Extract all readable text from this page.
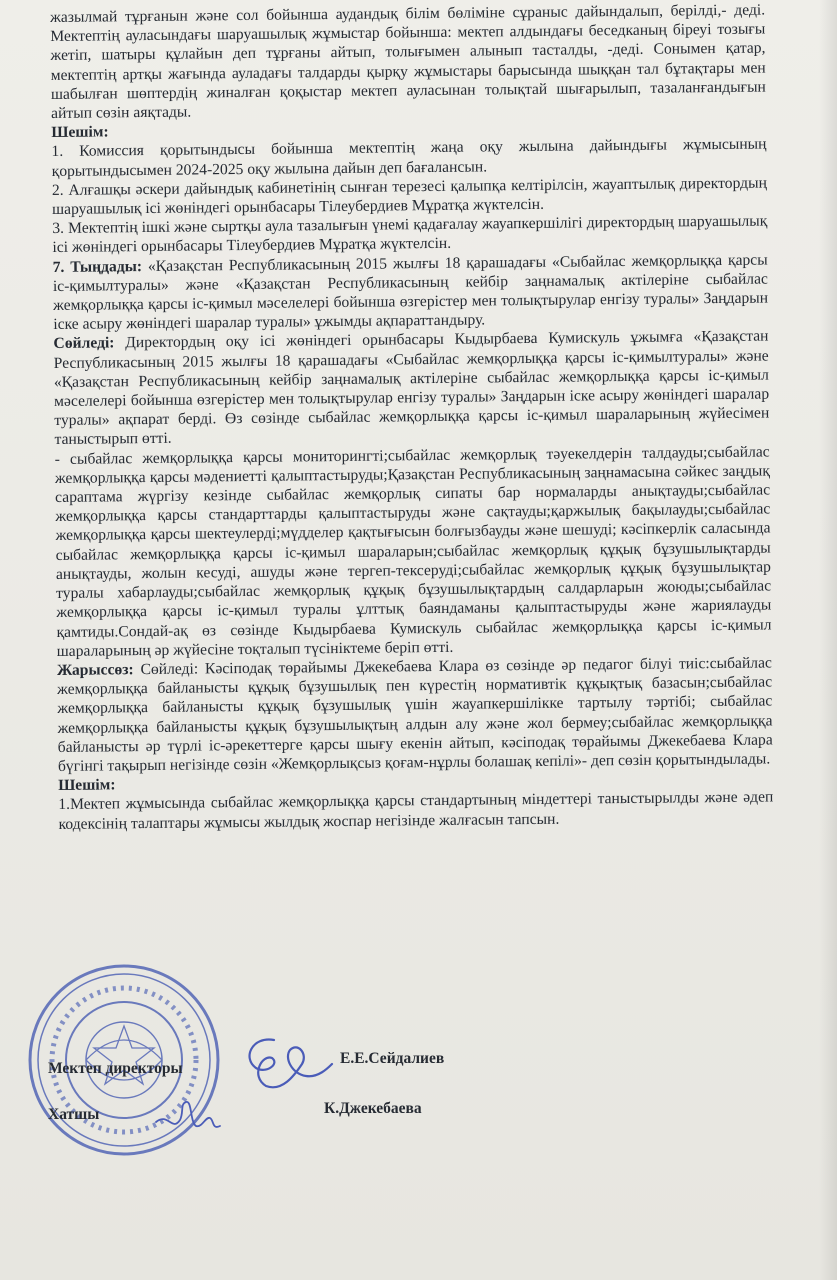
жазылмай тұрғанын және сол бойынша аудандық білім бөліміне сұраныс дайындалып, берілді,- деді. Мектептің ауласындағы шаруашылық жұмыстар бойынша: мектеп алдындағы беседканың біреуі тозығы жетіп, шатыры құлайын деп тұрғаны айтып, толығымен алынып тасталды, -деді. Сонымен қатар, мектептің артқы жағында ауладағы талдарды қырқу жұмыстары барысында шыққан тал бұтақтары мен шабылған шөптердің жиналған қоқыстар мектеп ауласынан толықтай шығарылып, тазаланғандығын айтып сөзін аяқтады.

Шешім:

1. Комиссия қорытындысы бойынша мектептің жаңа оқу жылына дайындығы жұмысының қорытындысымен 2024-2025 оқу жылына дайын деп бағалансын.

2. Алғашқы әскери дайындық кабинетінің сынған терезесі қалыпқа келтірілсін, жауаптылық директордың шаруашылық ісі жөніндегі орынбасары Тілеубердиев Мұратқа жүктелсін.

3. Мектептің ішкі және сыртқы аула тазалығын үнемі қадағалау жауапкершілігі директордың шаруашылық ісі жөніндегі орынбасары Тілеубердиев Мұратқа жүктелсін.

7. Тыңдады: «Қазақстан Республикасының 2015 жылғы 18 қарашадағы «Сыбайлас жемқорлыққа қарсы іс-қимылтуралы» және «Қазақстан Республикасының кейбір заңнамалық актілеріне сыбайлас жемқорлыққа қарсы іс-қимыл мәселелері бойынша өзгерістер мен толықтырулар енгізу туралы» Заңдарын іске асыру жөніндегі шаралар туралы» ұжымды ақпараттандыру.

Сөйледі: Директордың оқу ісі жөніндегі орынбасары Кыдырбаева Кумискуль ұжымға «Қазақстан Республикасының 2015 жылғы 18 қарашадағы «Сыбайлас жемқорлыққа қарсы іс-қимылтуралы» және «Қазақстан Республикасының кейбір заңнамалық актілеріне сыбайлас жемқорлыққа қарсы іс-қимыл мәселелері бойынша өзгерістер мен толықтырулар енгізу туралы» Заңдарын іске асыру жөніндегі шаралар туралы» ақпарат берді. Өз сөзінде сыбайлас жемқорлыққа қарсы іс-қимыл шараларының жүйесімен таныстырып өтті.

- сыбайлас жемқорлыққа қарсы мониторингті;сыбайлас жемқорлық тәуекелдерін талдауды;сыбайлас жемқорлыққа қарсы мәдениетті қалыптастыруды;Қазақстан Республикасының заңнамасына сәйкес заңдық сараптама жүргізу кезінде сыбайлас жемқорлық сипаты бар нормаларды анықтауды;сыбайлас жемқорлыққа қарсы стандарттарды қалыптастыруды және сақтауды;қаржылық бақылауды;сыбайлас жемқорлыққа қарсы шектеулерді;мүдделер қақтығысын болғызбауды және шешуді; кәсіпкерлік саласында сыбайлас жемқорлыққа қарсы іс-қимыл шараларын;сыбайлас жемқорлық құқық бұзушылықтарды анықтауды, жолын кесуді, ашуды және тергеп-тексеруді;сыбайлас жемқорлық құқық бұзушылықтар туралы хабарлауды;сыбайлас жемқорлық құқық бұзушылықтардың салдарларын жоюды;сыбайлас жемқорлыққа қарсы іс-қимыл туралы ұлттық баяндаманы қалыптастыруды және жариялауды қамтиды.Сондай-ақ өз сөзінде Кыдырбаева Кумискуль сыбайлас жемқорлыққа қарсы іс-қимыл шараларының әр жүйесіне тоқталып түсініктеме беріп өтті.

Жарыссөз: Сөйледі: Кәсіподақ төрайымы Джекебаева Клара өз сөзінде әр педагог білуі тиіс:сыбайлас жемқорлыққа байланысты құқық бұзушылық пен күрестің нормативтік құқықтық базасын;сыбайлас жемқорлыққа байланысты құқық бұзушылық үшін жауапкершілікке тартылу тәртібі; сыбайлас жемқорлыққа байланысты құқық бұзушылықтың алдын алу және жол бермеу;сыбайлас жемқорлыққа байланысты әр түрлі іс-әрекеттерге қарсы шығу екенін айтып, кәсіподақ төрайымы Джекебаева Клара бүгінгі тақырып негізінде сөзін «Жемқорлықсыз қоғам-нұрлы болашақ кепілі»- деп сөзін қорытындылады.

Шешім:

1.Мектеп жұмысында сыбайлас жемқорлыққа қарсы стандартының міндеттері таныстырылды және әдеп кодексінің талаптары жұмысы жылдық жоспар негізінде жалғасын тапсын.

Мектеп директоры
Е.Е.Сейдалиев
Хатшы	К.Джекебаева
